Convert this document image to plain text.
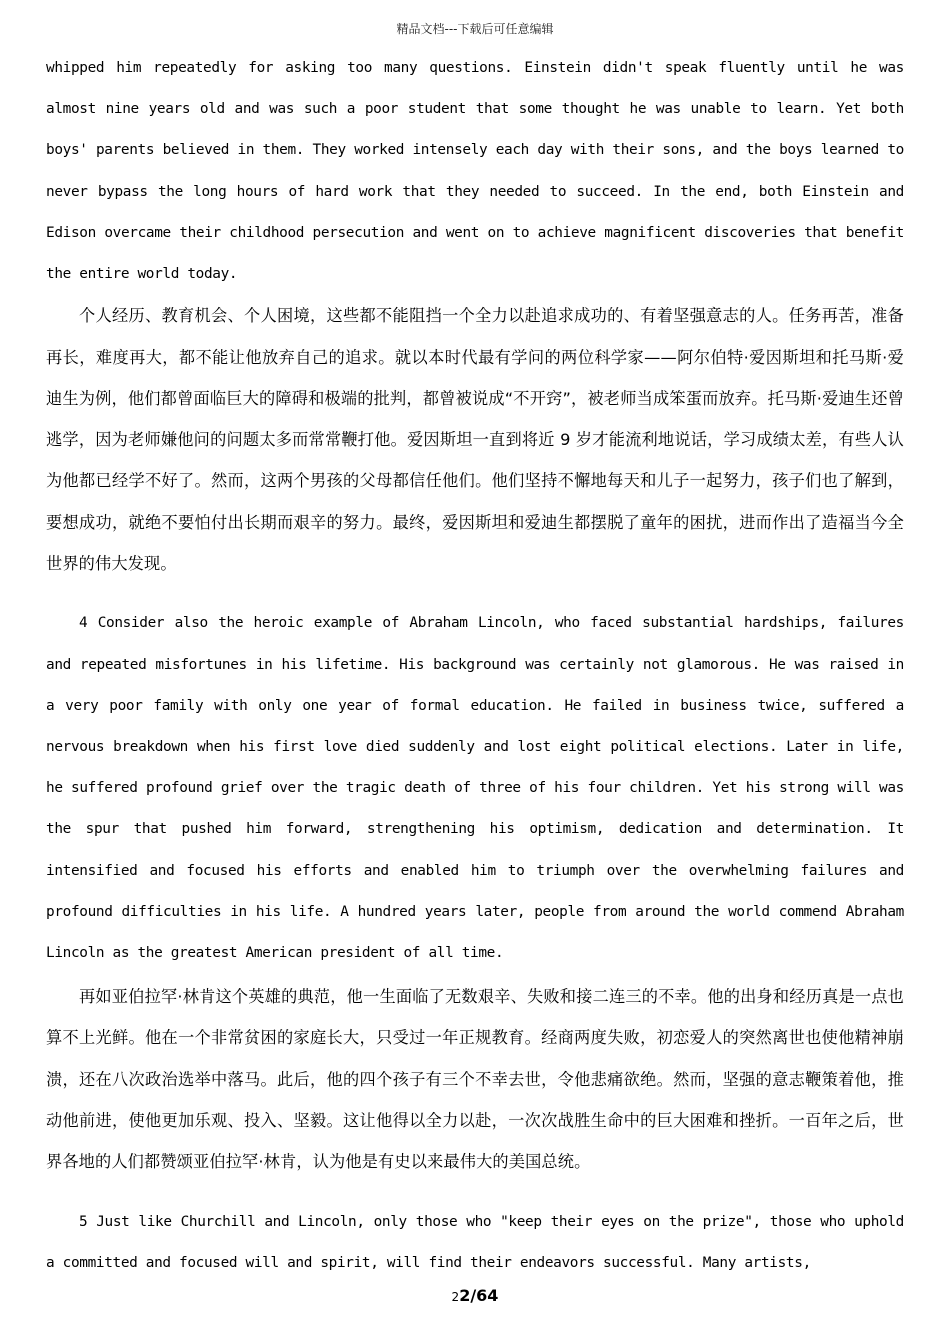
精品文档---下载后可任意编辑

whipped him repeatedly for asking too many questions. Einstein didn't speak fluently until he was almost nine years old and was such a poor student that some thought he was unable to learn. Yet both boys' parents believed in them. They worked intensely each day with their sons, and the boys learned to never bypass the long hours of hard work that they needed to succeed. In the end, both Einstein and Edison overcame their childhood persecution and went on to achieve magnificent discoveries that benefit the entire world today.

个人经历、教育机会、个人困境，这些都不能阻挡一个全力以赴追求成功的、有着坚强意志的人。任务再苦，准备再长，难度再大，都不能让他放弃自己的追求。就以本时代最有学问的两位科学家——阿尔伯特·爱因斯坦和托马斯·爱迪生为例，他们都曾面临巨大的障碍和极端的批判，都曾被说成“不开窍”，被老师当成笨蛋而放弃。托马斯·爱迪生还曾逃学，因为老师嫌他问的问题太多而常常鞭打他。爱因斯坦一直到将近 9 岁才能流利地说话，学习成绩太差，有些人认为他都已经学不好了。然而，这两个男孩的父母都信任他们。他们坚持不懈地每天和儿子一起努力，孩子们也了解到，要想成功，就绝不要怕付出长期而艰辛的努力。最终，爱因斯坦和爱迪生都摆脱了童年的困扰，进而作出了造福当今全世界的伟大发现。

4 Consider also the heroic example of Abraham Lincoln, who faced substantial hardships, failures and repeated misfortunes in his lifetime. His background was certainly not glamorous. He was raised in a very poor family with only one year of formal education. He failed in business twice, suffered a nervous breakdown when his first love died suddenly and lost eight political elections. Later in life, he suffered profound grief over the tragic death of three of his four children. Yet his strong will was the spur that pushed him forward, strengthening his optimism, dedication and determination. It intensified and focused his efforts and enabled him to triumph over the overwhelming failures and profound difficulties in his life. A hundred years later, people from around the world commend Abraham Lincoln as the greatest American president of all time.

再如亚伯拉罕·林肯这个英雄的典范，他一生面临了无数艰辛、失败和接二连三的不幸。他的出身和经历真是一点也算不上光鲜。他在一个非常贫困的家庭长大，只受过一年正规教育。经商两度失败，初恋爱人的突然离世也使他精神崩溃，还在八次政治选举中落马。此后，他的四个孩子有三个不幸去世，令他悲痛欲绝。然而，坚强的意志鞭策着他，推动他前进，使他更加乐观、投入、坚毅。这让他得以全力以赴，一次次战胜生命中的巨大困难和挫折。一百年之后，世界各地的人们都赞颂亚伯拉罕·林肯，认为他是有史以来最伟大的美国总统。

5 Just like Churchill and Lincoln, only those who "keep their eyes on the prize", those who uphold a committed and focused will and spirit, will find their endeavors successful. Many artists,

22/64
